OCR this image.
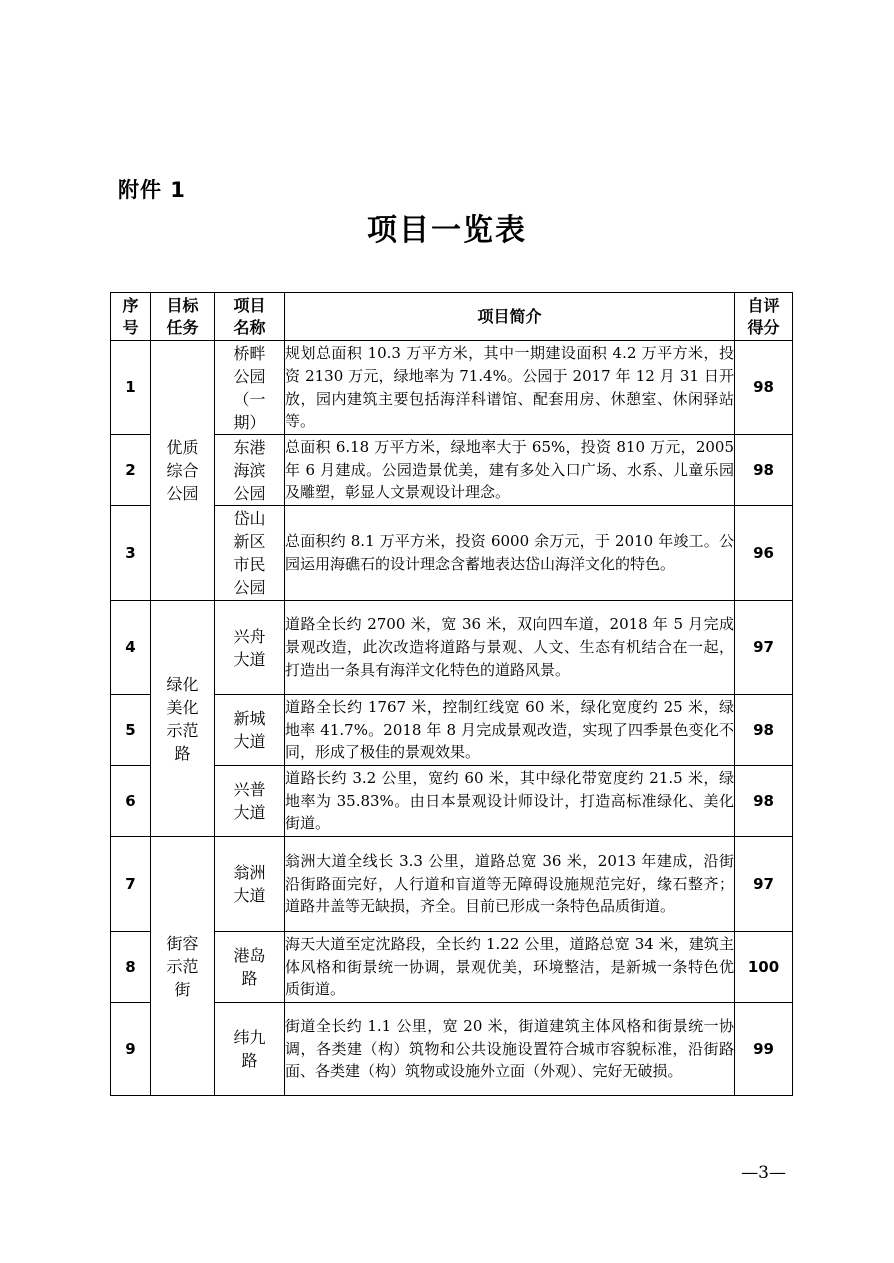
附件 1
项目一览表
序号	目标任务	项目名称	项目简介	自评得分
1	优质综合公园	桥畔公园（一期）	规划总面积 10.3 万平方米，其中一期建设面积 4.2 万平方米，投资 2130 万元，绿地率为 71.4%。公园于 2017 年 12 月 31 日开放，园内建筑主要包括海洋科谱馆、配套用房、休憩室、休闲驿站等。	98
2		东港海滨公园	总面积 6.18 万平方米，绿地率大于 65%，投资 810 万元，2005 年 6 月建成。公园造景优美，建有多处入口广场、水系、儿童乐园及雕塑，彰显人文景观设计理念。	98
3		岱山新区市民公园	总面积约 8.1 万平方米，投资 6000 余万元，于 2010 年竣工。公园运用海礁石的设计理念含蓄地表达岱山海洋文化的特色。	96
4	绿化美化示范路	兴舟大道	道路全长约 2700 米，宽 36 米，双向四车道，2018 年 5 月完成景观改造，此次改造将道路与景观、人文、生态有机结合在一起，打造出一条具有海洋文化特色的道路风景。	97
5		新城大道	道路全长约 1767 米，控制红线宽 60 米，绿化宽度约 25 米，绿地率 41.7%。2018 年 8 月完成景观改造，实现了四季景色变化不同，形成了极佳的景观效果。	98
6		兴普大道	道路长约 3.2 公里，宽约 60 米，其中绿化带宽度约 21.5 米，绿地率为 35.83%。由日本景观设计师设计，打造高标准绿化、美化街道。	98
7	街容示范街	翁洲大道	翁洲大道全线长 3.3 公里，道路总宽 36 米，2013 年建成，沿街沿街路面完好，人行道和盲道等无障碍设施规范完好，缘石整齐；道路井盖等无缺损，齐全。目前已形成一条特色品质街道。	97
8		港岛路	海天大道至定沈路段，全长约 1.22 公里，道路总宽 34 米，建筑主体风格和街景统一协调，景观优美，环境整洁，是新城一条特色优质街道。	100
9		纬九路	街道全长约 1.1 公里，宽 20 米，街道建筑主体风格和街景统一协调，各类建（构）筑物和公共设施设置符合城市容貌标准，沿街路面、各类建（构）筑物或设施外立面（外观）、完好无破损。	99
—3—
